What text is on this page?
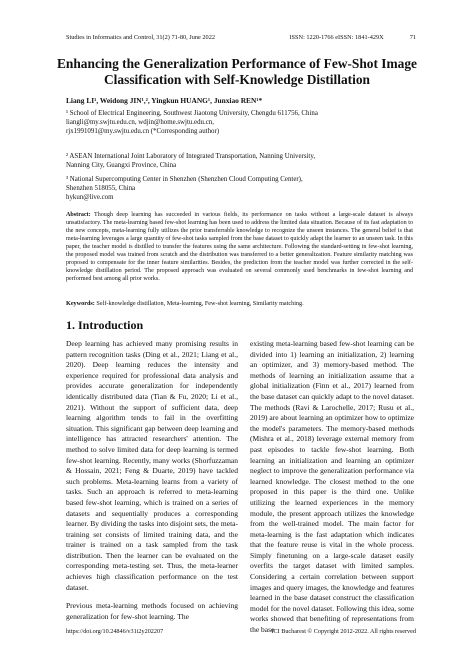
Studies in Informatics and Control, 31(2) 71-80, June 2022	ISSN: 1220-1766 eISSN: 1841-429X	71
Enhancing the Generalization Performance of Few-Shot Image Classification with Self-Knowledge Distillation
Liang LI¹, Weidong JIN¹,², Yingkun HUANG¹, Junxiao REN¹*
¹ School of Electrical Engineering, Southwest Jiaotong University, Chengdu 611756, China
liangli@my.swjtu.edu.cn, wdjin@home.swjtu.edu.cn,
rjx1991091@my.swjtu.edu.cn (*Corresponding author)
² ASEAN International Joint Laboratory of Integrated Transportation, Nanning University,
Nanning City, Guangxi Province, China
³ National Supercomputing Center in Shenzhen (Shenzhen Cloud Computing Center),
Shenzhen 518055, China
hykun@live.com
Abstract: Though deep learning has succeeded in various fields, its performance on tasks without a large-scale dataset is always unsatisfactory. The meta-learning based few-shot learning has been used to address the limited data situation. Because of its fast adaptation to the new concepts, meta-learning fully utilizes the prior transferrable knowledge to recognize the unseen instances. The general belief is that meta-learning leverages a large quantity of few-shot tasks sampled from the base dataset to quickly adapt the learner to an unseen task. In this paper, the teacher model is distilled to transfer the features using the same architecture. Following the standard-setting in few-shot learning, the proposed model was trained from scratch and the distribution was transferred to a better generalization. Feature similarity matching was proposed to compensate for the inner feature similarities. Besides, the prediction from the teacher model was further corrected in the self-knowledge distillation period. The proposed approach was evaluated on several commonly used benchmarks in few-shot learning and performed best among all prior works.
Keywords: Self-knowledge distillation, Meta-learning, Few-shot learning, Similarity matching.
1. Introduction

Deep learning has achieved many promising results in pattern recognition tasks (Ding et al., 2021; Liang et al., 2020). Deep learning reduces the intensity and experience required for professional data analysis and provides accurate generalization for independently identically distributed data (Tian & Fu, 2020; Li et al., 2021). Without the support of sufficient data, deep learning algorithm tends to fail in the overfitting situation. This significant gap between deep learning and intelligence has attracted researchers' attention. The method to solve limited data for deep learning is termed few-shot learning. Recently, many works (Shorfuzzaman & Hossain, 2021; Feng & Duarte, 2019) have tackled such problems. Meta-learning learns from a variety of tasks. Such an approach is referred to meta-learning based few-shot learning, which is trained on a series of datasets and sequentially produces a corresponding learner. By dividing the tasks into disjoint sets, the meta-training set consists of limited training data, and the trainer is trained on a task sampled from the task distribution. Then the learner can be evaluated on the corresponding meta-testing set. Thus, the meta-learner achieves high classification performance on the test dataset.

Previous meta-learning methods focused on achieving generalization for few-shot learning. The

existing meta-learning based few-shot learning can be divided into 1) learning an initialization, 2) learning an optimizer, and 3) memory-based method. The methods of learning an initialization assume that a global initialization (Finn et al., 2017) learned from the base dataset can quickly adapt to the novel dataset. The methods (Ravi & Larochelle, 2017; Rusu et al., 2019) are about learning an optimizer how to optimize the model's parameters. The memory-based methods (Mishra et al., 2018) leverage external memory from past episodes to tackle few-shot learning. Both learning an initialization and learning an optimizer neglect to improve the generalization performance via learned knowledge. The closest method to the one proposed in this paper is the third one. Unlike utilizing the learned experiences in the memory module, the present approach utilizes the knowledge from the well-trained model. The main factor for meta-learning is the fast adaptation which indicates that the feature reuse is vital in the whole process. Simply finetuning on a large-scale dataset easily overfits the target dataset with limited samples. Considering a certain correlation between support images and query images, the knowledge and features learned in the base dataset construct the classification model for the novel dataset. Following this idea, some works showed that benefiting of representations from the base

https://doi.org/10.24846/v31i2y202207	ICI Bucharest © Copyright 2012-2022. All rights reserved
